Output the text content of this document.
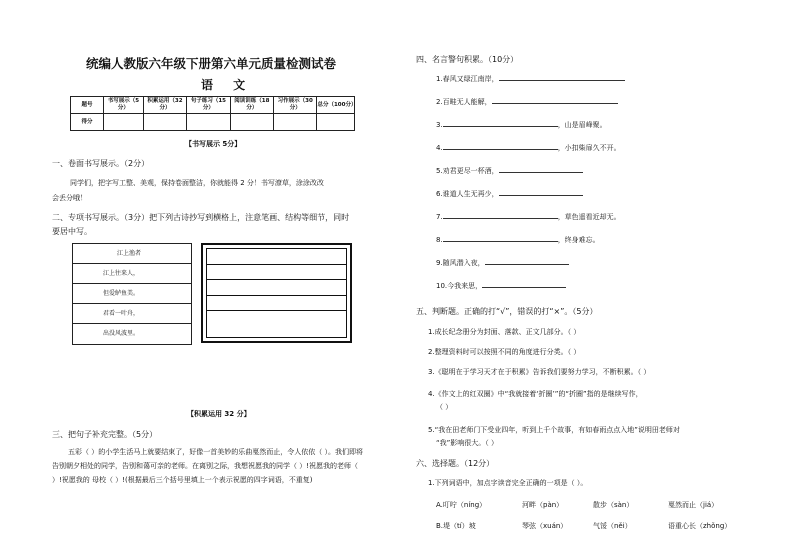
统编人教版六年级下册第六单元质量检测试卷
语 文
题号	书写展示（5分）	积累运用（32分）	句子练习（15分）	阅读训练（18分）	习作展示（30分）	总分（100分）
得分						
【书写展示 5分】
一、卷面书写展示。（2分）
同学们，把字写工整、美观，保持卷面整洁，你就能得 2 分！书写潦草，涂涂改改
会丢分哦！
二、专项书写展示。（3分）把下列古诗抄写到横格上，注意笔画、结构等细节，同时
要居中写。
江上渔者
江上往来人，
但爱鲈鱼美。
君看一叶舟，
出没风波里。
【积累运用 32 分】
三、把句子补充完整。（5分）
五彩（ ）的小学生活马上就要结束了，好像一首美妙的乐曲戛然而止，令人依依（ ）。我们即将告别朝夕相处的同学，告别和蔼可亲的老师。在离别之际，我想祝愿我的同学（ ）!祝愿我的老师（ ）!祝愿我的 母校（ ）!(根据最后三个括号里填上一个表示祝愿的四字词语，不重复)
四、名言警句积累。（10分）
1.春风又绿江南岸，
2.百畦无人能解，
3.	，山是眉峰聚。
4.	，小扣柴扉久不开。
5.劝君更尽一杯酒，
6.谁道人生无再少，
7.	，草色遥看近却无。
8.	，终身难忘。
9.随风潜入夜，
10.今我来思，
五、判断题。正确的打“√”，错误的打“×”。（5分）
1.成长纪念册分为封面、落款、正文几部分。（ ）
2.整理资料时可以按照不同的角度进行分类。（ ）
3.《聪明在于学习天才在于积累》告诉我们要努力学习，不断积累。（ ）
4.《作文上的红双圈》中“我就接着‘折圈’”的“折圈”指的是继续写作，
（ ）
5.“我在田老师门下受业四年，听到上千个故事，有如春雨点点入地”说明田老师对
“我”影响很大。（ ）
六、选择题。（12分）
1.下列词语中，加点字读音完全正确的一项是（ ）。
A.叮咛（níng）	河畔（pàn）	散步（sàn）	戛然而止（jiá）
B.堤（tí）坡	琴弦（xuán）	气馁（něi）	语重心长（zhǒng）
